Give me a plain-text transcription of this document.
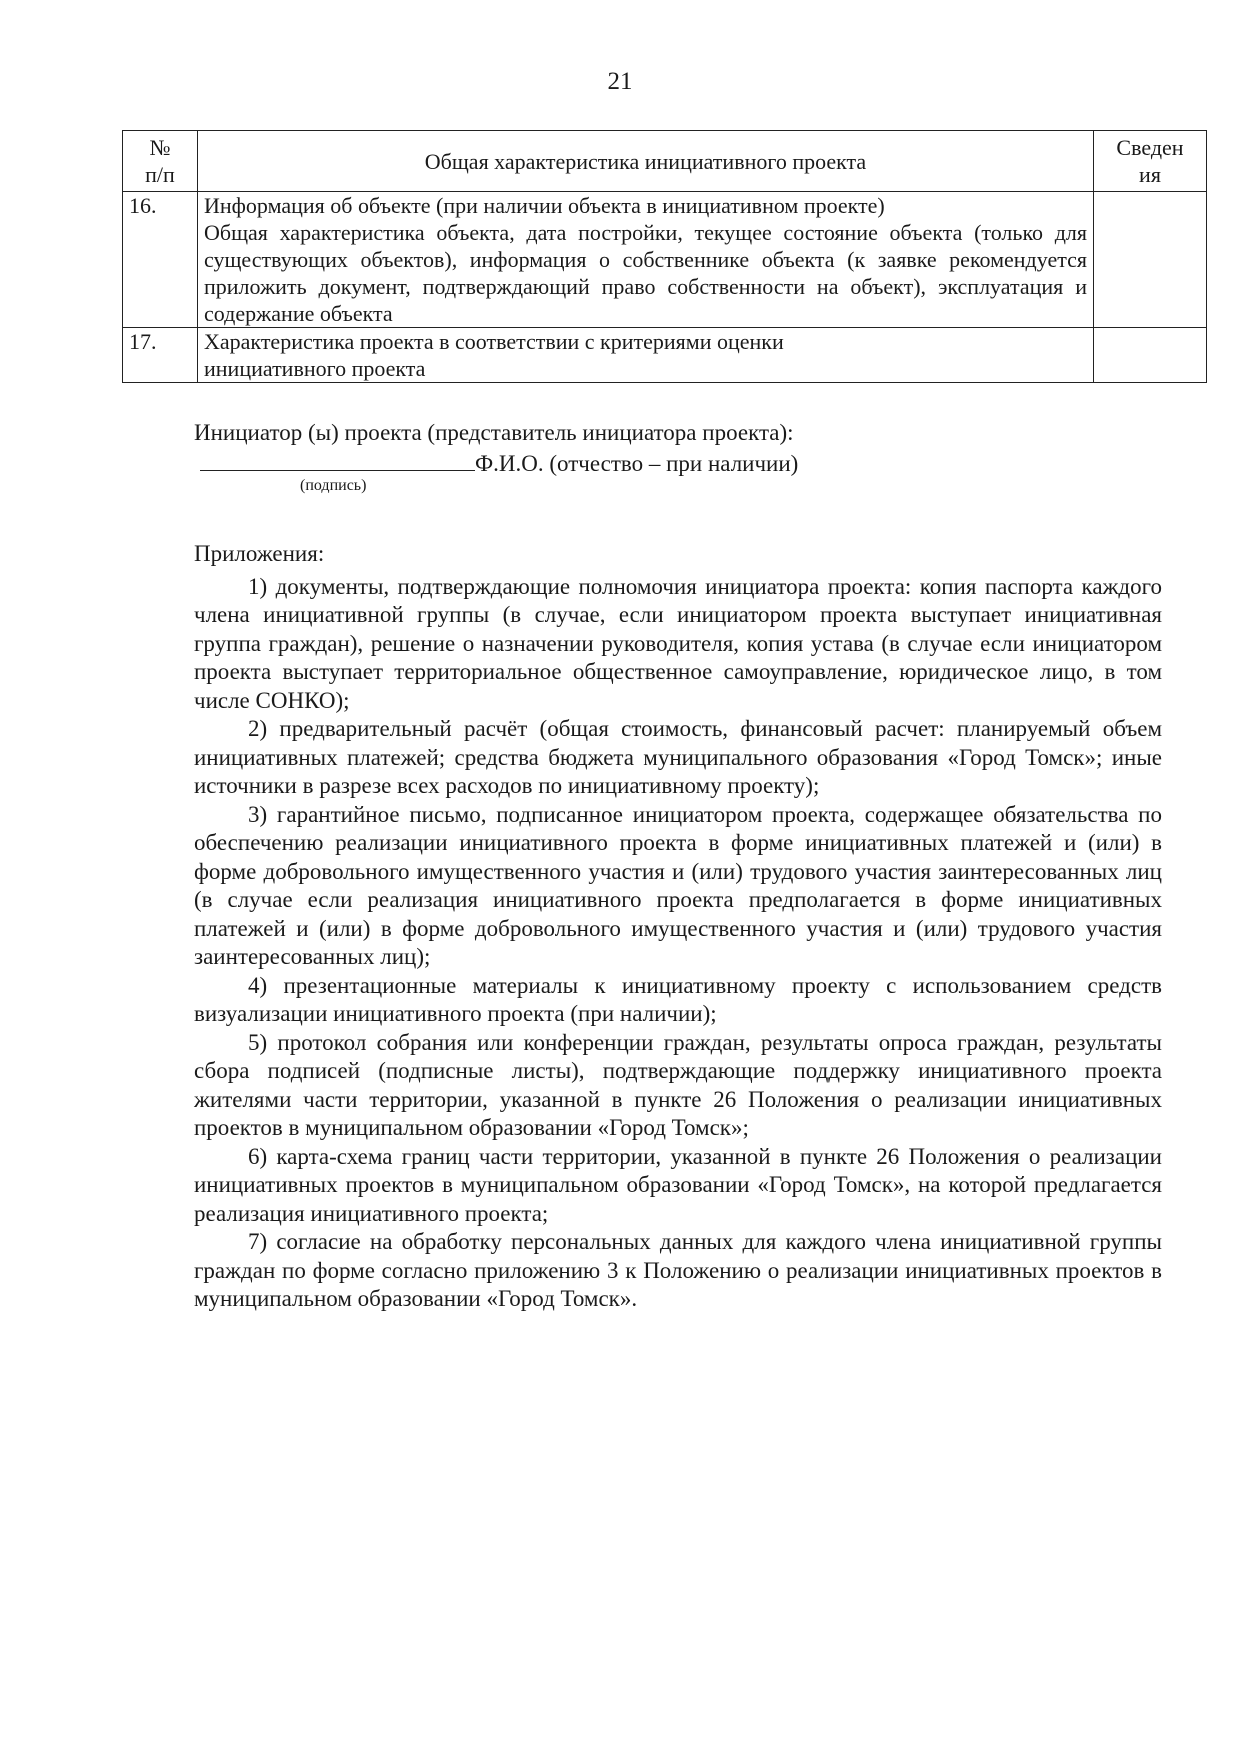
21
№
п/п	Общая характеристика инициативного проекта	Сведен
ия

16.	Информация об объекте (при наличии объекта в инициативном проекте)
Общая характеристика объекта, дата постройки, текущее состояние объекта (только для существующих объектов), информация о собственнике объекта (к заявке рекомендуется приложить документ, подтверждающий право собственности на объект), эксплуатация и содержание объекта	

17.	Характеристика проекта в соответствии с критериями оценки
инициативного проекта	

Инициатор (ы) проекта (представитель инициатора проекта):
Ф.И.О. (отчество – при наличии)
(подпись)
Приложения:

1) документы, подтверждающие полномочия инициатора проекта: копия паспорта каждого члена инициативной группы (в случае, если инициатором проекта выступает инициативная группа граждан), решение о назначении руководителя, копия устава (в случае если инициатором проекта выступает территориальное общественное самоуправление, юридическое лицо, в том числе СОНКО);

2) предварительный расчёт (общая стоимость, финансовый расчет: планируемый объем инициативных платежей; средства бюджета муниципального образования «Город Томск»; иные источники в разрезе всех расходов по инициативному проекту);

3) гарантийное письмо, подписанное инициатором проекта, содержащее обязательства по обеспечению реализации инициативного проекта в форме инициативных платежей и (или) в форме добровольного имущественного участия и (или) трудового участия заинтересованных лиц (в случае если реализация инициативного проекта предполагается в форме инициативных платежей и (или) в форме добровольного имущественного участия и (или) трудового участия заинтересованных лиц);

4) презентационные материалы к инициативному проекту с использованием средств визуализации инициативного проекта (при наличии);

5) протокол собрания или конференции граждан, результаты опроса граждан, результаты сбора подписей (подписные листы), подтверждающие поддержку инициативного проекта жителями части территории, указанной в пункте 26 Положения о реализации инициативных проектов в муниципальном образовании «Город Томск»;

6) карта-схема границ части территории, указанной в пункте 26 Положения о реализации инициативных проектов в муниципальном образовании «Город Томск», на которой предлагается реализация инициативного проекта;

7) согласие на обработку персональных данных для каждого члена инициативной группы граждан по форме согласно приложению 3 к Положению о реализации инициативных проектов в муниципальном образовании «Город Томск».
